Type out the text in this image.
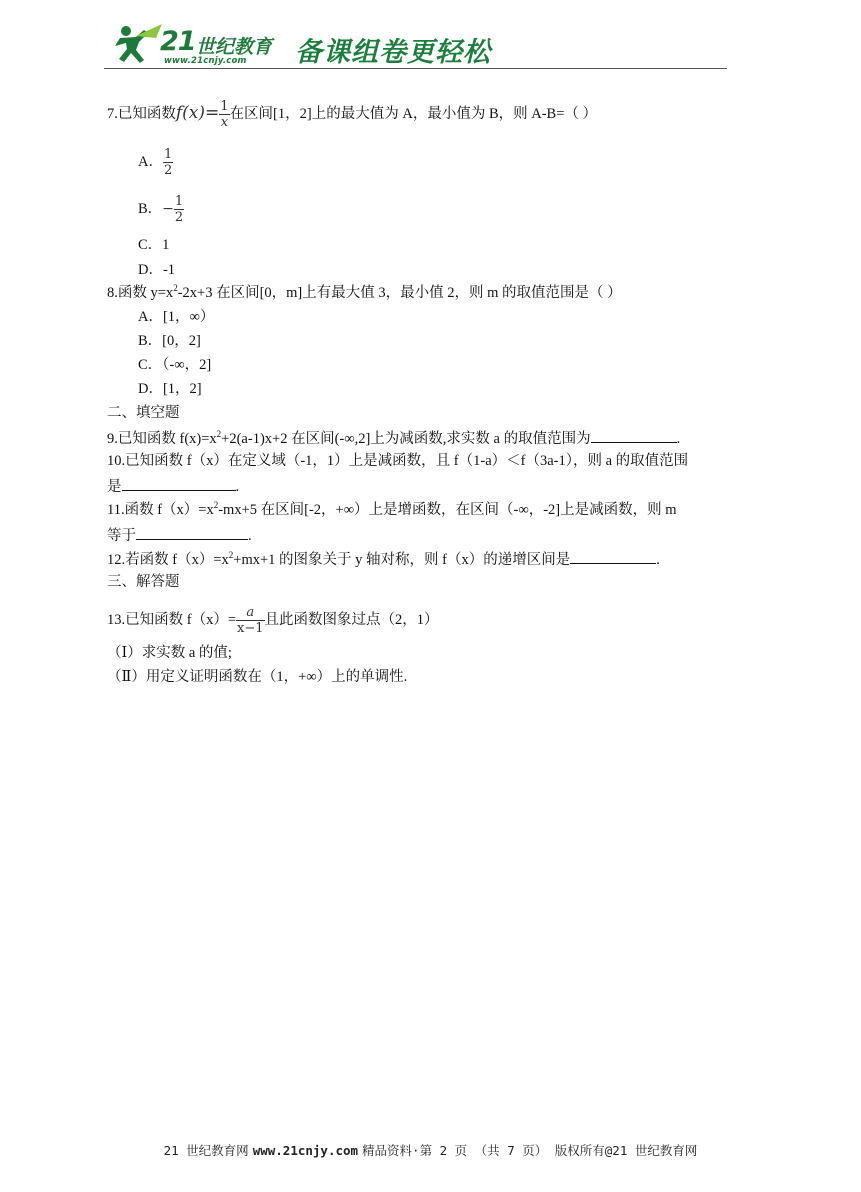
21 世纪教育
www.21cnjy.com 备课组卷更轻松
7.已知函数$f(x)= \frac{1}{x}$ 在区间[1，2]上的最大值为 A，最小值为 B，则 A-B=（ ）
A． $\frac{1}{2}$
B．− $\frac{1}{2}$
C．1
D．-1
8.函数 $y=x^2-2x+3$ 在区间[0，m]上有最大值 3，最小值 2，则 m 的取值范围是（ ）
A．[1，∞）
B．[0，2]
C．（-∞，2]
D．[1，2]
二、填空题
9.已知函数 $f(x)=x^2+2(a-1)x+2$ 在区间(-∞,2]上为减函数,求实数 a 的取值范围为	.
10.已知函数 f（x）在定义域（-1，1）上是减函数，且 f（1-a）＜f（3a-1），则 a 的取值范围
是	.
11.函数 $f(x)=x^2-mx+5$ 在区间[-2，+∞）上是增函数，在区间（-∞，-2]上是减函数，则 m
等于	.
12.若函数 $f(x)=x^2+mx+1$ 的图象关于 y 轴对称，则 f（x）的递增区间是	.
三、解答题
13.已知函数 $f(x)= \frac{a}{x-1}$ 且此函数图象过点（2，1）
（Ⅰ）求实数 a 的值;
（Ⅱ）用定义证明函数在（1，+∞）上的单调性.
21 世纪教育网 www.21cnjy.com 精品资料·第 2 页 （共 7 页） 版权所有@21 世纪教育网
